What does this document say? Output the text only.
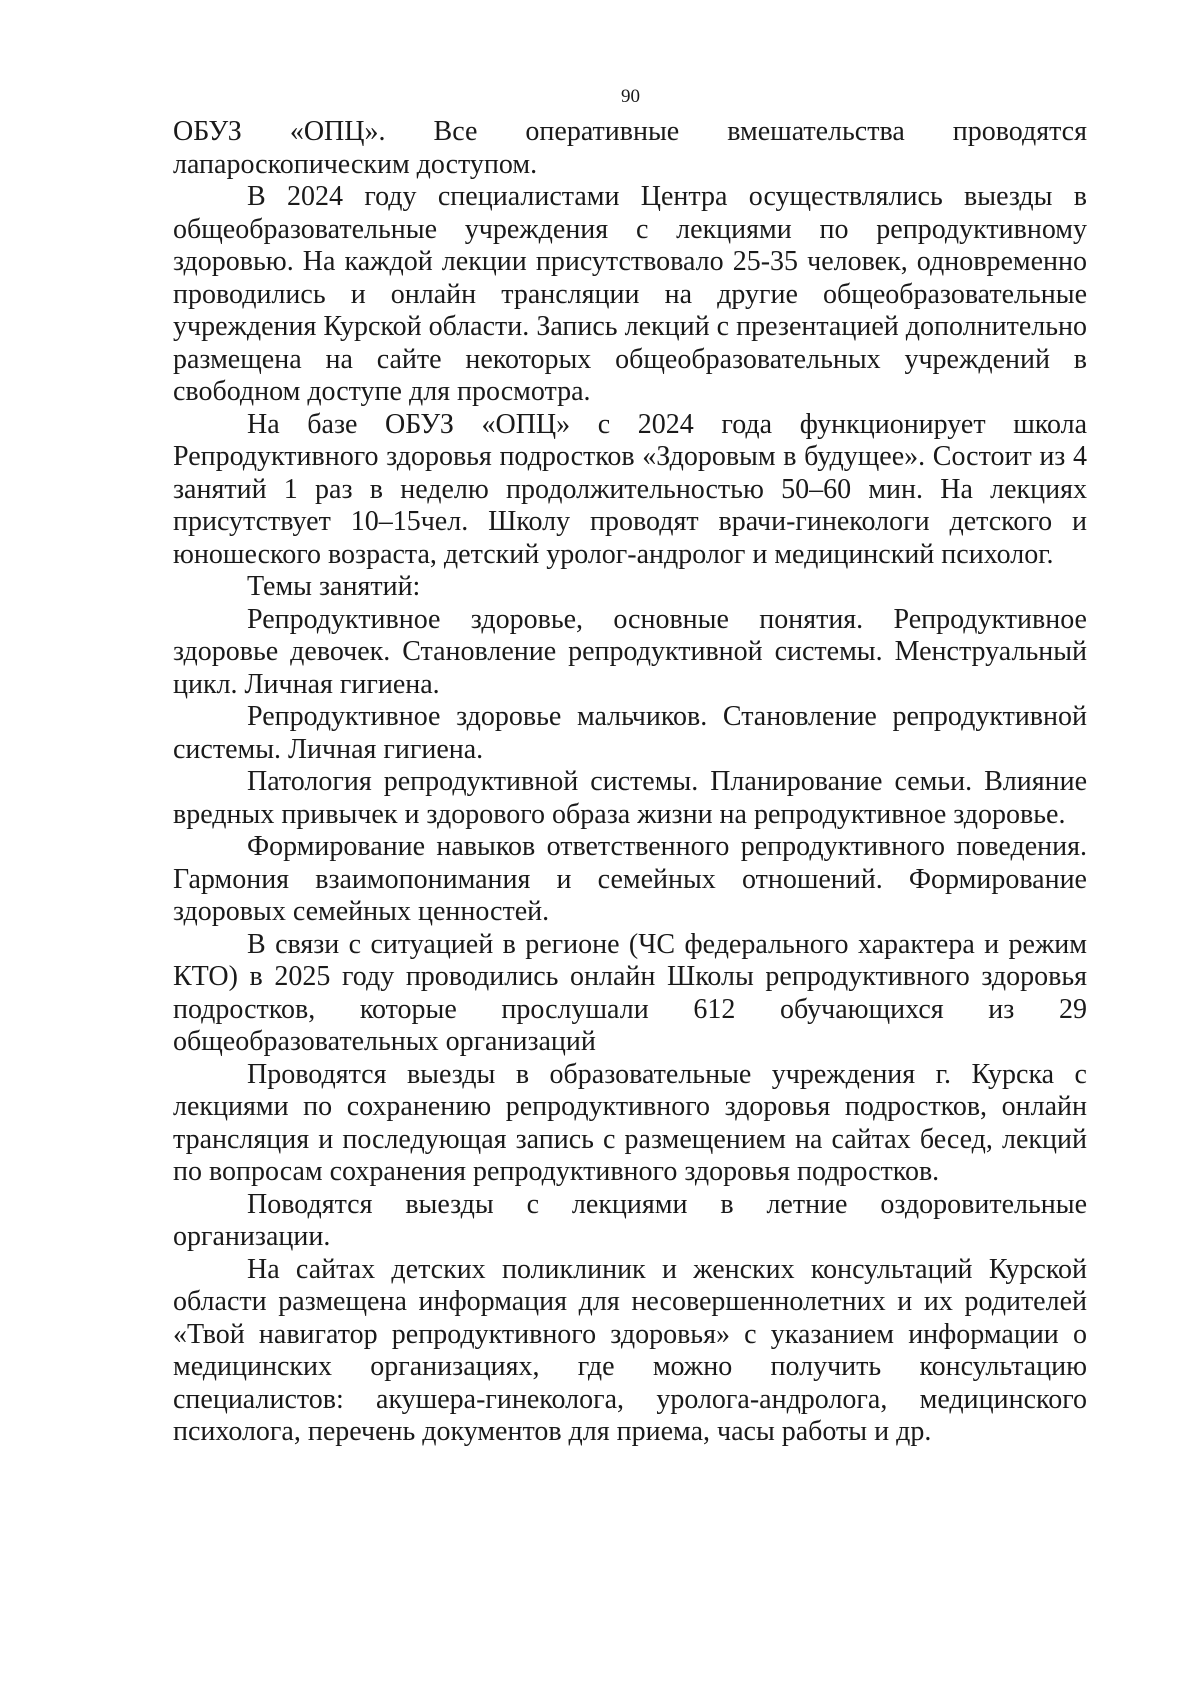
90

ОБУЗ «ОПЦ». Все оперативные вмешательства проводятся лапароскопическим доступом.

В 2024 году специалистами Центра осуществлялись выезды в общеобразовательные учреждения с лекциями по репродуктивному здоровью. На каждой лекции присутствовало 25-35 человек, одновременно проводились и онлайн трансляции на другие общеобразовательные учреждения Курской области. Запись лекций с презентацией дополнительно размещена на сайте некоторых общеобразовательных учреждений в свободном доступе для просмотра.

На базе ОБУЗ «ОПЦ» с 2024 года функционирует школа Репродуктивного здоровья подростков «Здоровым в будущее». Состоит из 4 занятий 1 раз в неделю продолжительностью 50–60 мин. На лекциях присутствует 10–15чел. Школу проводят врачи-гинекологи детского и юношеского возраста, детский уролог-андролог и медицинский психолог.

Темы занятий:

Репродуктивное здоровье, основные понятия. Репродуктивное здоровье девочек. Становление репродуктивной системы. Менструальный цикл. Личная гигиена.

Репродуктивное здоровье мальчиков. Становление репродуктивной системы. Личная гигиена.

Патология репродуктивной системы. Планирование семьи. Влияние вредных привычек и здорового образа жизни на репродуктивное здоровье.

Формирование навыков ответственного репродуктивного поведения. Гармония взаимопонимания и семейных отношений. Формирование здоровых семейных ценностей.

В связи с ситуацией в регионе (ЧС федерального характера и режим КТО) в 2025 году проводились онлайн Школы репродуктивного здоровья подростков, которые прослушали 612 обучающихся из 29 общеобразовательных организаций

Проводятся выезды в образовательные учреждения г. Курска с лекциями по сохранению репродуктивного здоровья подростков, онлайн трансляция и последующая запись с размещением на сайтах бесед, лекций по вопросам сохранения репродуктивного здоровья подростков.

Поводятся выезды с лекциями в летние оздоровительные организации.

На сайтах детских поликлиник и женских консультаций Курской области размещена информация для несовершеннолетних и их родителей «Твой навигатор репродуктивного здоровья» с указанием информации о медицинских организациях, где можно получить консультацию специалистов: акушера-гинеколога, уролога-андролога, медицинского психолога, перечень документов для приема, часы работы и др.
